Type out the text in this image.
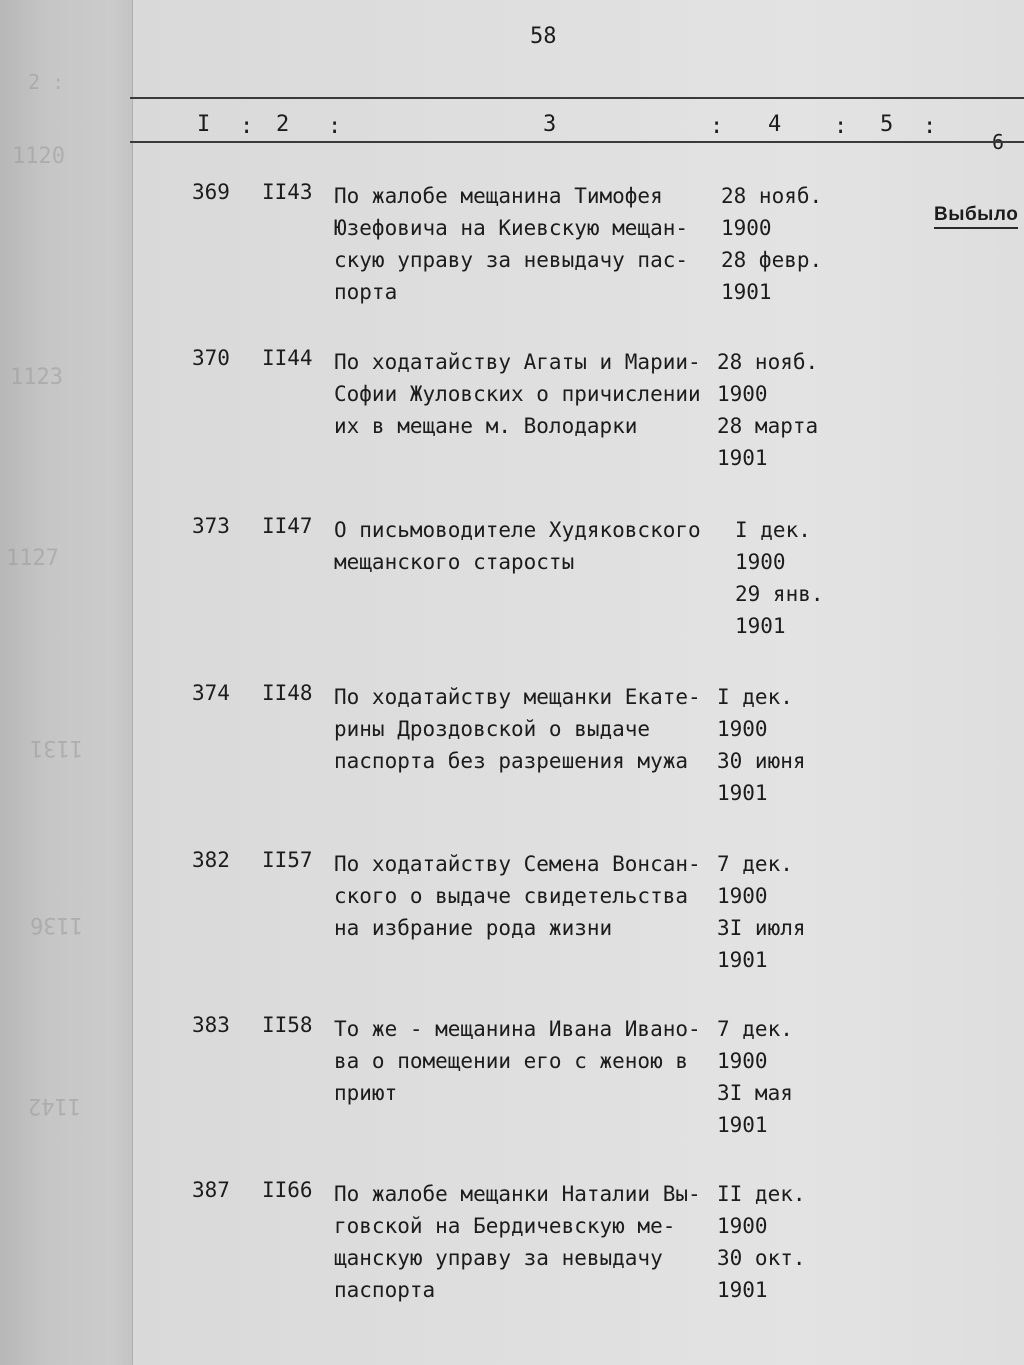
2 :
1120
1123
1127
1131
1136
1142
58
I : 2 :	3	: 4 : 5 :
6
Выбыло
369 II43 По жалобе мещанина Тимофея
Юзефовича на Киевскую мещан-
скую управу за невыдачу пас-
порта
28 нояб.
1900
28 февр.
1901
370 II44 По ходатайству Агаты и Марии-
Софии Жуловских о причислении
их в мещане м. Володарки
28 нояб.
1900
28 марта
1901
373 II47 О письмоводителе Худяковского
мещанского старосты
I дек.
1900
29 янв.
1901
374 II48 По ходатайству мещанки Екате-
рины Дроздовской о выдаче
паспорта без разрешения мужа
I дек.
1900
30 июня
1901
382 II57 По ходатайству Семена Вонсан-
ского о выдаче свидетельства
на избрание рода жизни
7 дек.
1900
3I июля
1901
383 II58 То же - мещанина Ивана Ивано-
ва о помещении его с женою в
приют
7 дек.
1900
3I мая
1901
387 II66 По жалобе мещанки Наталии Вы-
говской на Бердичевскую ме-
щанскую управу за невыдачу
паспорта
II дек.
1900
30 окт.
1901
